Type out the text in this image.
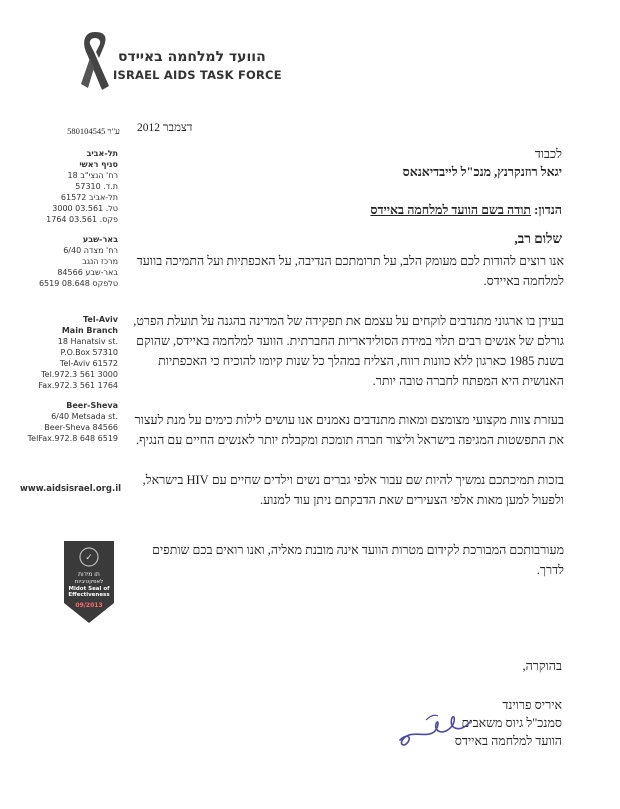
הוועד למלחמה באיידס
ISRAEL AIDS TASK FORCE
ע"ר 580104545 דצמבר 2012
תל-אביב
סניף ראשי
רח' הנצי"ב 18
ת.ד. 57310
תל-אביב 61572
טל. 03.561 3000
פקס. 03.561 1764
באר-שבע
רח' מצדה 6/40
מרכז הנגב
באר-שבע 84566
טלפקס 08.648 6519
Tel-Aviv
Main Branch
18 Hanatsiv st.
P.O.Box 57310
Tel-Aviv 61572
Tel.972.3 561 3000
Fax.972.3 561 1764
Beer-Sheva
6/40 Metsada st.
Beer-Sheva 84566
TelFax.972.8 648 6519
www.aidsisrael.org.il
✓
תו מידות
לאפקטיביות
Midot Seal of
Effectiveness
09/2013
לכבוד
יגאל רוזנקרנץ, מנכ"ל לייבדיאנאס
הנדון: תודה בשם הוועד למלחמה באיידס
שלום רב,
אנו רוצים להודות לכם מעומק הלב, על תרומתכם הנדיבה, על האכפתיות ועל התמיכה בוועד למלחמה באיידס.
בעידן בו ארגוני מתנדבים לוקחים על עצמם את תפקידה של המדינה בהגנה על תועלת הפרט, גורלם של אנשים רבים תלוי במידת הסולידאריות החברתית. הוועד למלחמה באיידס, שהוקם בשנת 1985 כארגון ללא כוונות רווח, הצליח במהלך כל שנות קיומו להוכיח כי האכפתיות האנושית היא המפתח לחברה טובה יותר.
בעזרת צוות מקצועי מצומצם ומאות מתנדבים נאמנים אנו עושים לילות כימים על מנת לעצור את התפשטות המגיפה בישראל וליצור חברה תומכת ומקבלת יותר לאנשים החיים עם הנגיף.
בזכות תמיכתכם נמשיך להיות שם עבור אלפי גברים נשים וילדים שחיים עם HIV בישראל, ולפעול למען מאות אלפי הצעירים שאת הדבקתם ניתן עוד למנוע.
מעורבותכם המבורכת לקידום מטרות הוועד אינה מובנת מאליה, ואנו רואים בכם שותפים לדרך.
בהוקרה,
איריס פרוינד
סמנכ"ל גיוס משאבים
הוועד למלחמה באיידס
